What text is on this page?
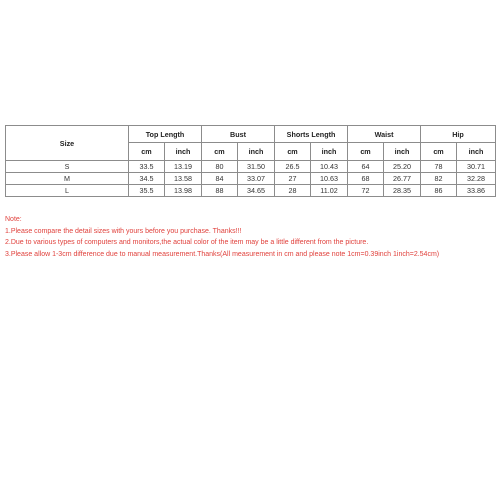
Size	Top Length		Bust		Shorts Length		Waist		Hip	
	cm	inch	cm	inch	cm	inch	cm	inch	cm	inch
S	33.5	13.19	80	31.50	26.5	10.43	64	25.20	78	30.71
M	34.5	13.58	84	33.07	27	10.63	68	26.77	82	32.28
L	35.5	13.98	88	34.65	28	11.02	72	28.35	86	33.86
Note:
1.Please compare the detail sizes with yours before you purchase. Thanks!!!
2.Due to various types of computers and monitors,the actual color of the item may be a little different from the picture.
3.Please allow 1-3cm difference due to manual measurement.Thanks(All measurement in cm and please note 1cm=0.39inch 1inch=2.54cm)
